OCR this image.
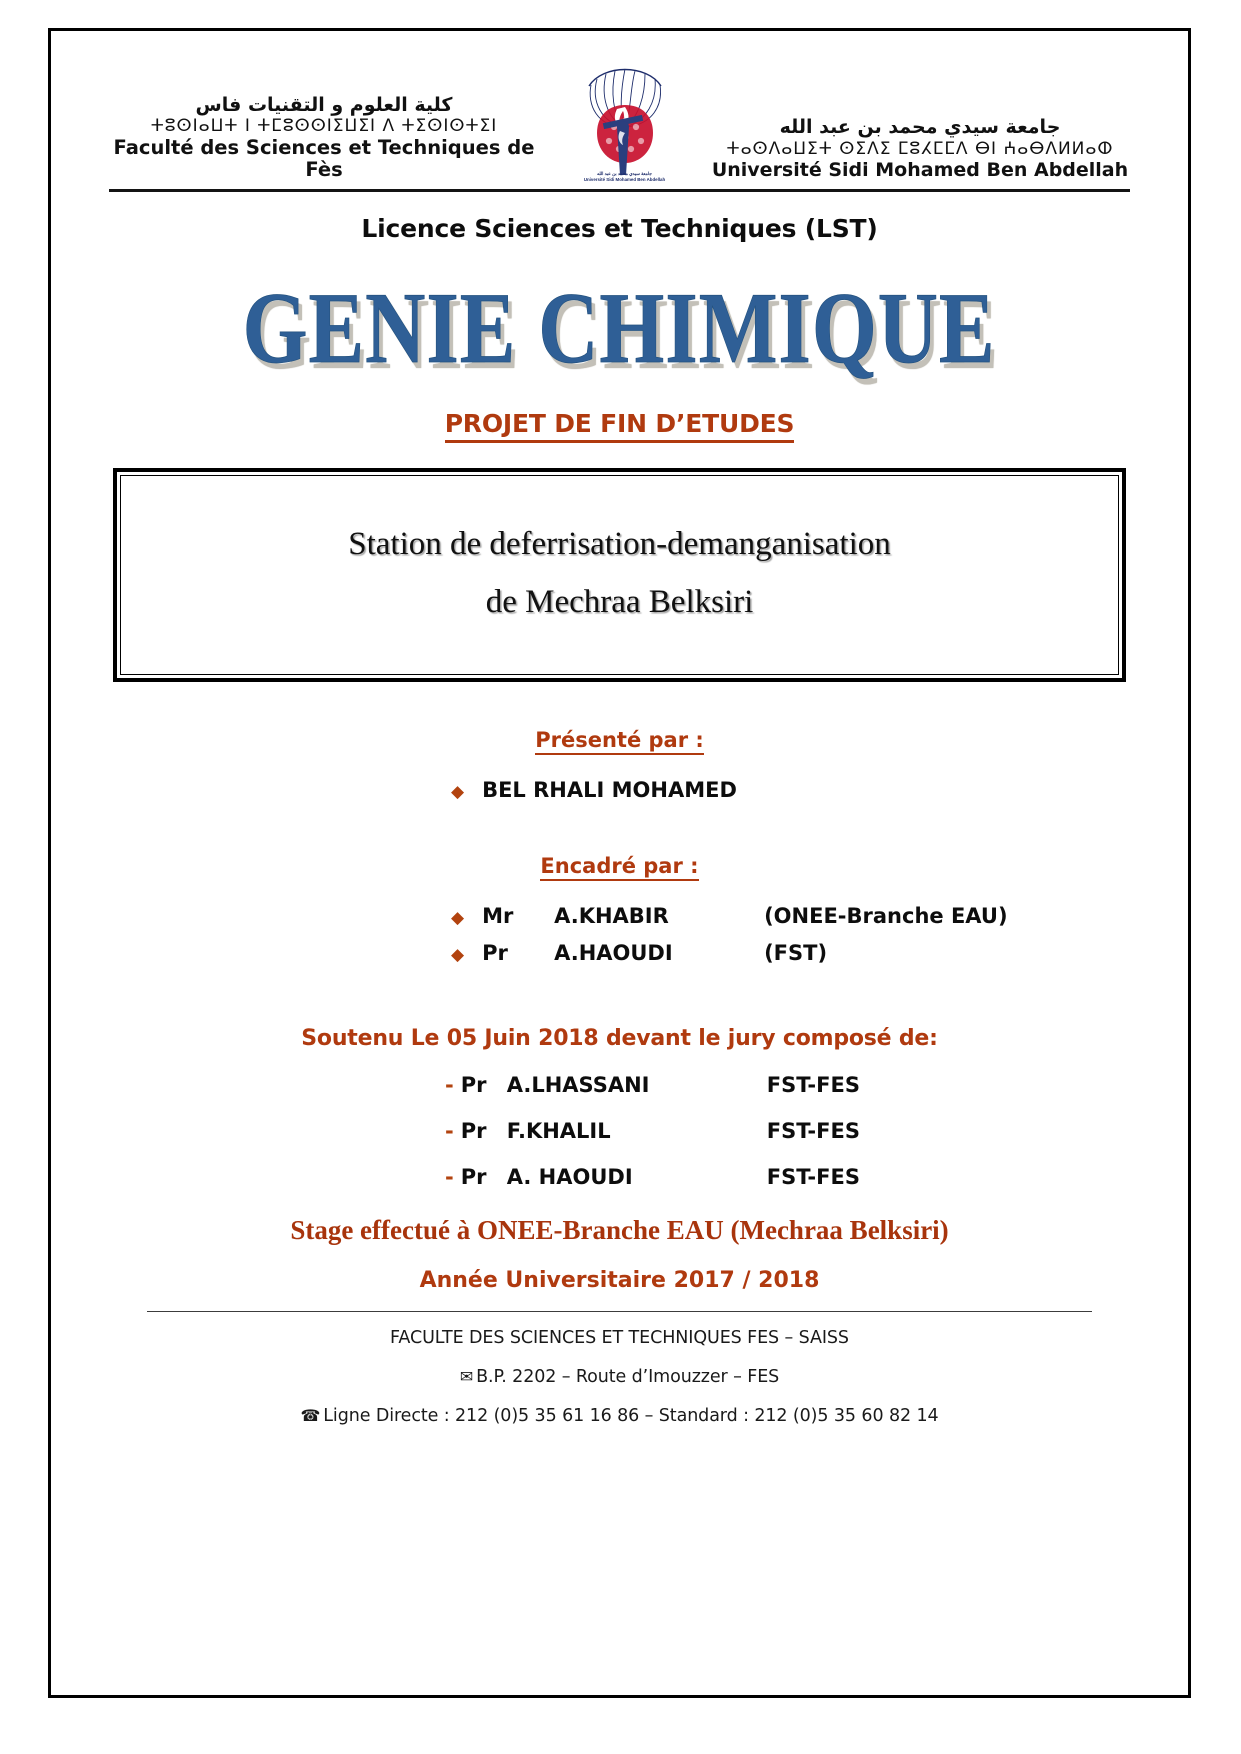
كلية العلوم و التقنيات فاس
ⵜⵓⵙⵏⴰⵡⵜ ⵏ ⵜⵎⵓⵙⵙⵏⵉⵡⵉⵏ ⴷ ⵜⵉⵙⵏⵙⵜⵉⵏ
Faculté des Sciences et Techniques de Fès	جامعة سيدي محمد بن عبد الله
Université Sidi Mohamed Ben Abdellah
جامعة سيدي محمد بن عبد الله
ⵜⴰⵙⴷⴰⵡⵉⵜ ⵙⵉⴷⵉ ⵎⵓⵃⵎⵎⴷ ⴱⵏ ⵄⴰⴱⴷⵍⵍⴰⵀ
Université Sidi Mohamed Ben Abdellah
Licence Sciences et Techniques (LST)
GENIE CHIMIQUE
PROJET DE FIN D’ETUDES
Station de deferrisation-demanganisation
de Mechraa Belksiri
Présenté par :
◆ BEL RHALI MOHAMED
Encadré par :
◆ Mr	A.KHABIR	(ONEE-Branche EAU)
◆ Pr	A.HAOUDI	(FST)
Soutenu Le 05 Juin 2018 devant le jury composé de:
- Pr A.LHASSANI	FST-FES
- Pr F.KHALIL	FST-FES
- Pr A. HAOUDI	FST-FES
Stage effectué à ONEE-Branche EAU (Mechraa Belksiri)
Année Universitaire 2017 / 2018
FACULTE DES SCIENCES ET TECHNIQUES FES – SAISS
✉ B.P. 2202 – Route d’Imouzzer – FES
☎ Ligne Directe : 212 (0)5 35 61 16 86 – Standard : 212 (0)5 35 60 82 14
